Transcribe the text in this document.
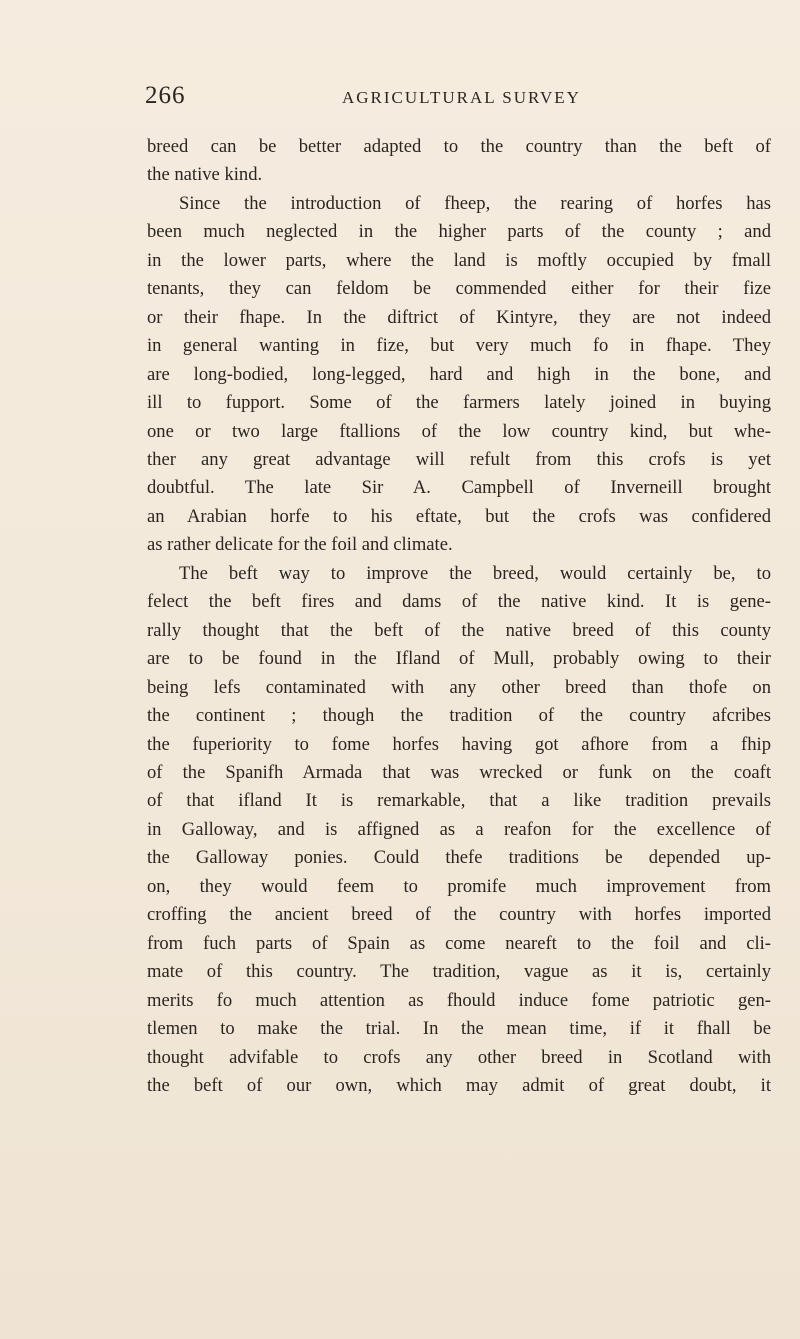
266	AGRICULTURAL SURVEY
breed can be better adapted to the country than the beft of
the native kind.
Since the introduction of fheep, the rearing of horfes has
been much neglected in the higher parts of the county ; and
in the lower parts, where the land is moftly occupied by fmall
tenants, they can feldom be commended either for their fize
or their fhape. In the diftrict of Kintyre, they are not indeed
in general wanting in fize, but very much fo in fhape. They
are long-bodied, long-legged, hard and high in the bone, and
ill to fupport. Some of the farmers lately joined in buying
one or two large ftallions of the low country kind, but whe-
ther any great advantage will refult from this crofs is yet
doubtful. The late Sir A. Campbell of Inverneill brought
an Arabian horfe to his eftate, but the crofs was confidered
as rather delicate for the foil and climate.
The beft way to improve the breed, would certainly be, to
felect the beft fires and dams of the native kind. It is gene-
rally thought that the beft of the native breed of this county
are to be found in the Ifland of Mull, probably owing to their
being lefs contaminated with any other breed than thofe on
the continent ; though the tradition of the country afcribes
the fuperiority to fome horfes having got afhore from a fhip
of the Spanifh Armada that was wrecked or funk on the coaft
of that ifland It is remarkable, that a like tradition prevails
in Galloway, and is affigned as a reafon for the excellence of
the Galloway ponies. Could thefe traditions be depended up-
on, they would feem to promife much improvement from
croffing the ancient breed of the country with horfes imported
from fuch parts of Spain as come neareft to the foil and cli-
mate of this country. The tradition, vague as it is, certainly
merits fo much attention as fhould induce fome patriotic gen-
tlemen to make the trial. In the mean time, if it fhall be
thought advifable to crofs any other breed in Scotland with
the beft of our own, which may admit of great doubt, it
